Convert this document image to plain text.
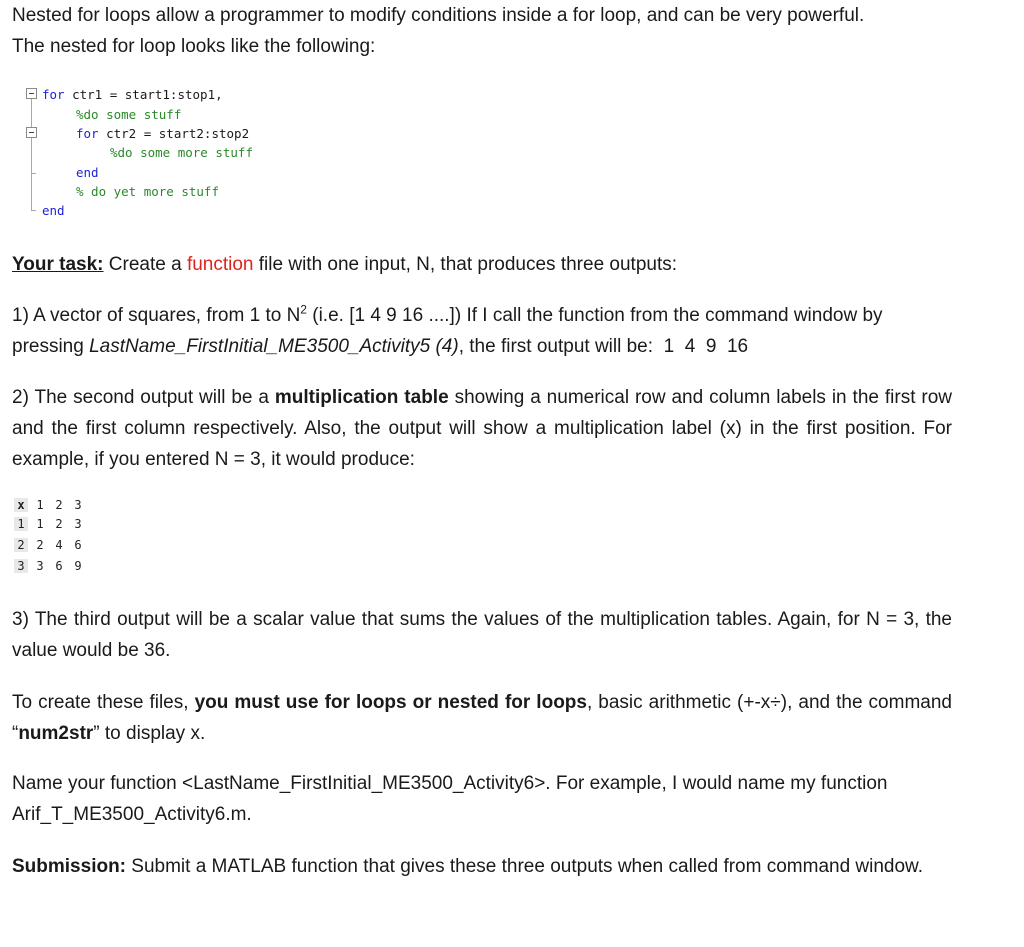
Nested for loops allow a programmer to modify conditions inside a for loop, and can be very powerful.
The nested for loop looks like the following:
for ctr1 = start1:stop1,
%do some stuff
for ctr2 = start2:stop2
%do some more stuff
end
% do yet more stuff
end
Your task: Create a function file with one input, N, that produces three outputs:
1) A vector of squares, from 1 to $N^2$ (i.e. [1 4 9 16 ....]) If I call the function from the command window by
pressing LastName_FirstInitial_ME3500_Activity5 (4), the first output will be:  1  4  9  16
2) The second output will be a multiplication table showing a numerical row and column labels in the first row and the first column respectively. Also, the output will show a multiplication label (x) in the first position. For example, if you entered N = 3, it would produce:
x 1 2 3
1 1 2 3
2 2 4 6
3 3 6 9
3) The third output will be a scalar value that sums the values of the multiplication tables. Again, for N = 3, the value would be 36.
To create these files, you must use for loops or nested for loops, basic arithmetic (+-x÷), and the command “num2str” to display x.
Name your function <LastName_FirstInitial_ME3500_Activity6>. For example, I would name my function
Arif_T_ME3500_Activity6.m.
Submission: Submit a MATLAB function that gives these three outputs when called from command window.
